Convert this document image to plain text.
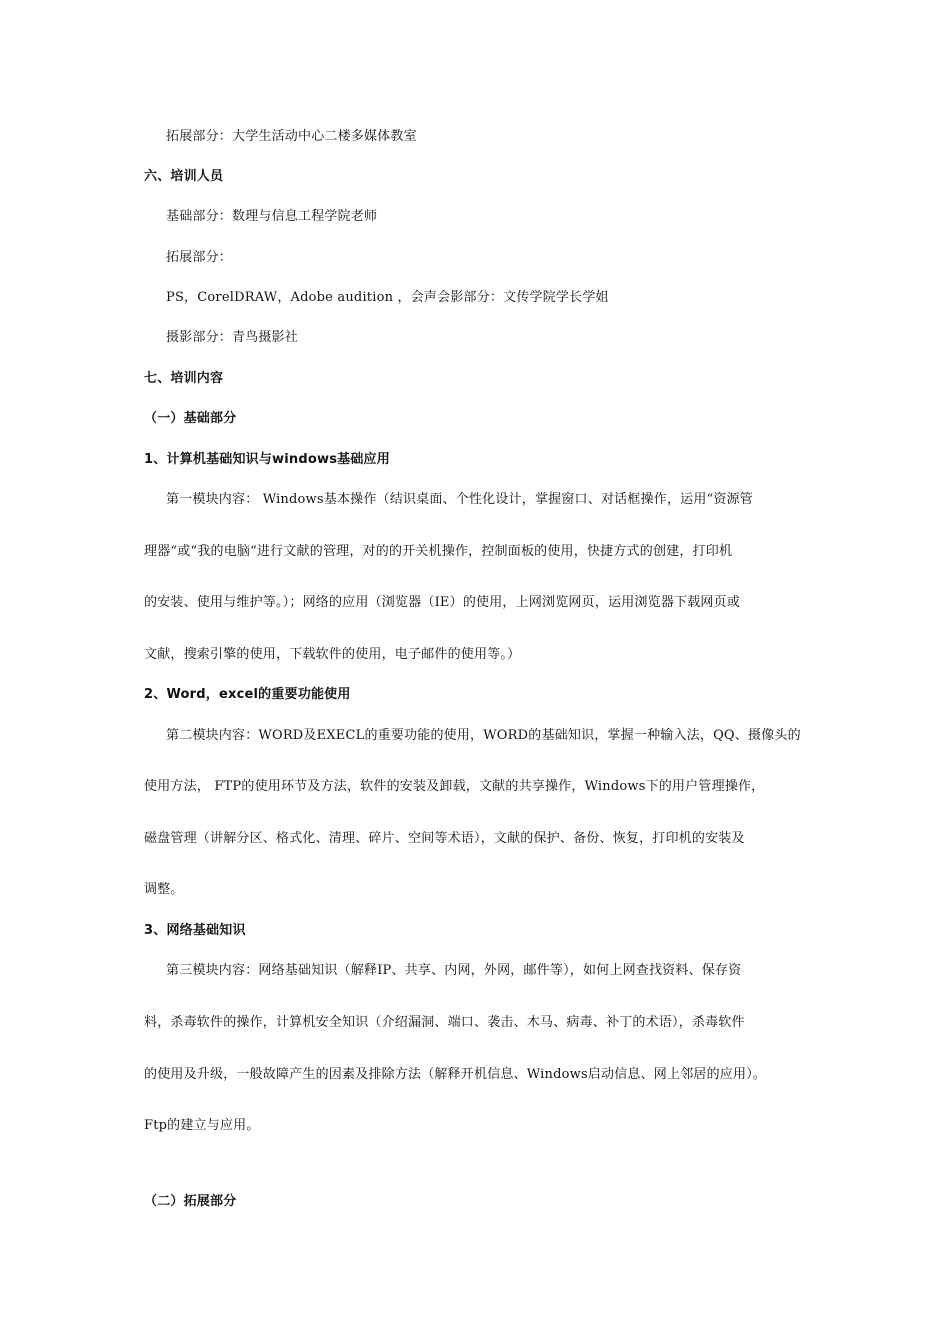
拓展部分：大学生活动中心二楼多媒体教室
六、培训人员
基础部分：数理与信息工程学院老师
拓展部分：
PS，CorelDRAW，Adobe audition ，会声会影部分：文传学院学长学姐
摄影部分：青鸟摄影社
七、培训内容
（一）基础部分
1、计算机基础知识与windows基础应用
第一模块内容： Windows基本操作（结识桌面、个性化设计，掌握窗口、对话框操作，运用“资源管
理器“或“我的电脑“进行文献的管理，对的的开关机操作，控制面板的使用，快捷方式的创建，打印机
的安装、使用与维护等。）；网络的应用（浏览器（IE）的使用，上网浏览网页，运用浏览器下载网页或
文献，搜索引擎的使用，下载软件的使用，电子邮件的使用等。）
2、Word，excel的重要功能使用
第二模块内容：WORD及EXECL的重要功能的使用，WORD的基础知识，掌握一种输入法，QQ、摄像头的
使用方法， FTP的使用环节及方法，软件的安装及卸载，文献的共享操作，Windows下的用户管理操作，
磁盘管理（讲解分区、格式化、清理、碎片、空间等术语），文献的保护、备份、恢复，打印机的安装及
调整。
3、网络基础知识
第三模块内容：网络基础知识（解释IP、共享、内网，外网，邮件等），如何上网查找资料、保存资
料，杀毒软件的操作，计算机安全知识（介绍漏洞、端口、袭击、木马、病毒、补丁的术语），杀毒软件
的使用及升级，一般故障产生的因素及排除方法（解释开机信息、Windows启动信息、网上邻居的应用）。
Ftp的建立与应用。
（二）拓展部分
